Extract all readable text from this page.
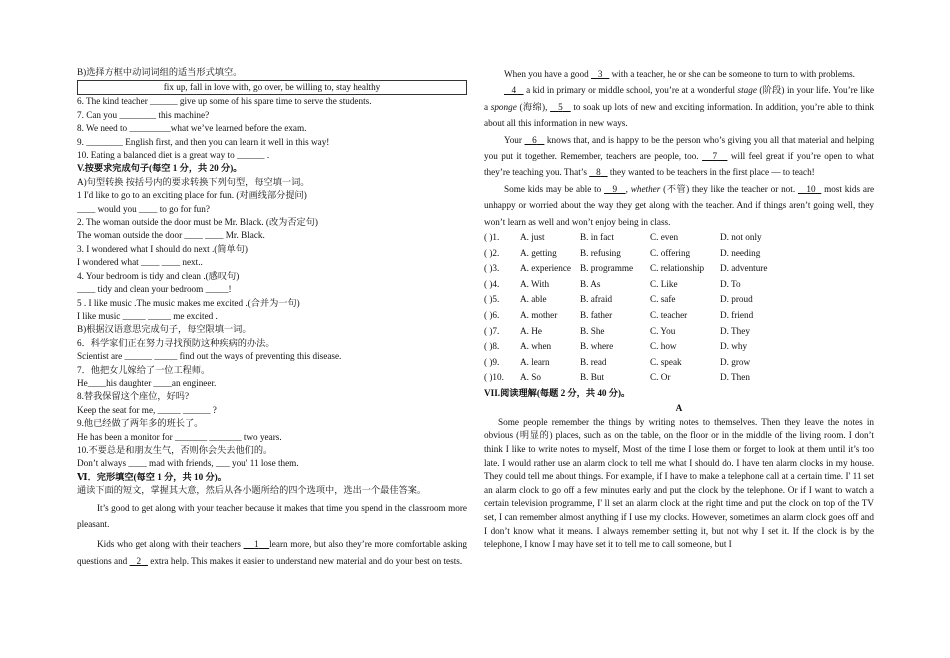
B)选择方框中动词词组的适当形式填空。
fix up, fall in love with, go over, be willing to, stay healthy
6. The kind teacher ______ give up some of his spare time to serve the students.
7. Can you ________ this machine?
8. We need to _________what we’ve learned before the exam.
9. ________ English first, and then you can learn it well in this way!
10. Eating a balanced diet is a great way to ______ .
V.按要求完成句子(每空 1 分，共 20 分)。
A)句型转换 按括号内的要求转换下列句型，每空填一词。
1 I'd like to go to an exciting place for fun. (对画线部分提问)
____ would you ____ to go for fun?
2. The woman outside the door must be Mr. Black. (改为否定句)
The woman outside the door ____ ____ Mr. Black.
3. I wondered what I should do next .(简单句)
I wondered what ____ ____ next..
4. Your bedroom is tidy and clean .(感叹句)
____ tidy and clean your bedroom _____!
5 . I like music .The music makes me excited .(合并为一句)
I like music _____ _____ me excited .
B)根据汉语意思完成句子，每空限填一词。
6．科学家们正在努力寻找预防这种疾病的办法。
Scientist are ______ _____ find out the ways of preventing this disease.
7．他把女儿嫁给了一位工程师。
He____his daughter ____an engineer.
8.替我保留这个座位，好吗?
Keep the seat for me, _____ ______ ?
9.他已经做了两年多的班长了。
He has been a monitor for _______ _______ two years.
10.不要总是和朋友生气，否则你会失去他们的。
Don’t always ____ mad with friends, ___ you' 11 lose them.
Ⅵ．完形填空(每空 1 分，共 10 分)。
通读下面的短文，掌握其大意，然后从各小题所给的四个选项中，选出一个最佳答案。
It’s good to get along with your teacher because it makes that time you spend in the classroom more pleasant.
Kids who get along with their teachers 1 learn more, but also they’re more comfortable asking questions and 2 extra help. This makes it easier to understand new material and do your best on tests.
When you have a good 3 with a teacher, he or she can be someone to turn to with problems.
4 a kid in primary or middle school, you’re at a wonderful stage (阶段) in your life. You’re like a sponge (海绵), 5 to soak up lots of new and exciting information. In addition, you’re able to think about all this information in new ways.
Your 6 knows that, and is happy to be the person who’s giving you all that material and helping you put it together. Remember, teachers are people, too. 7 will feel great if you’re open to what they’re teaching you. That’s 8 they wanted to be teachers in the first place — to teach!
Some kids may be able to 9 , whether (不管) they like the teacher or not. 10 most kids are unhappy or worried about the way they get along with the teacher. And if things aren’t going well, they won’t learn as well and won’t enjoy being in class.
( )1. A. just	B. in fact	C. even	D. not only
( )2. A. getting	B. refusing	C. offering	D. needing
( )3. A. experience B. programme C. relationship D. adventure
( )4. A. With	B. As	C. Like	D. To
( )5. A. able	B. afraid	C. safe	D. proud
( )6. A. mother B. father	C. teacher	D. friend
( )7. A. He	B. She	C. You	D. They
( )8. A. when	B. where	C. how	D. why
( )9. A. learn	B. read	C. speak	D. grow
( )10. A. So	B. But	C. Or	D. Then
VII.阅读理解(每题 2 分，共 40 分)。
A
Some people remember the things by writing notes to themselves. Then they leave the notes in obvious (明显的) places, such as on the table, on the floor or in the middle of the living room. I don’t think I like to write notes to myself, Most of the time I lose them or forget to look at them until it’s too late. I would rather use an alarm clock to tell me what I should do. I have ten alarm clocks in my house. They could tell me about things. For example, if I have to make a telephone call at a certain time. I' 11 set an alarm clock to go off a few minutes early and put the clock by the telephone. Or if I want to watch a certain television programme, I' ll set an alarm clock at the right time and put the clock on top of the TV set, I can remember almost anything if I use my clocks. However, sometimes an alarm clock goes off and I don’t know what it means. I always remember setting it, but not why I set it. If the clock is by the telephone, I know I may have set it to tell me to call someone, but I
